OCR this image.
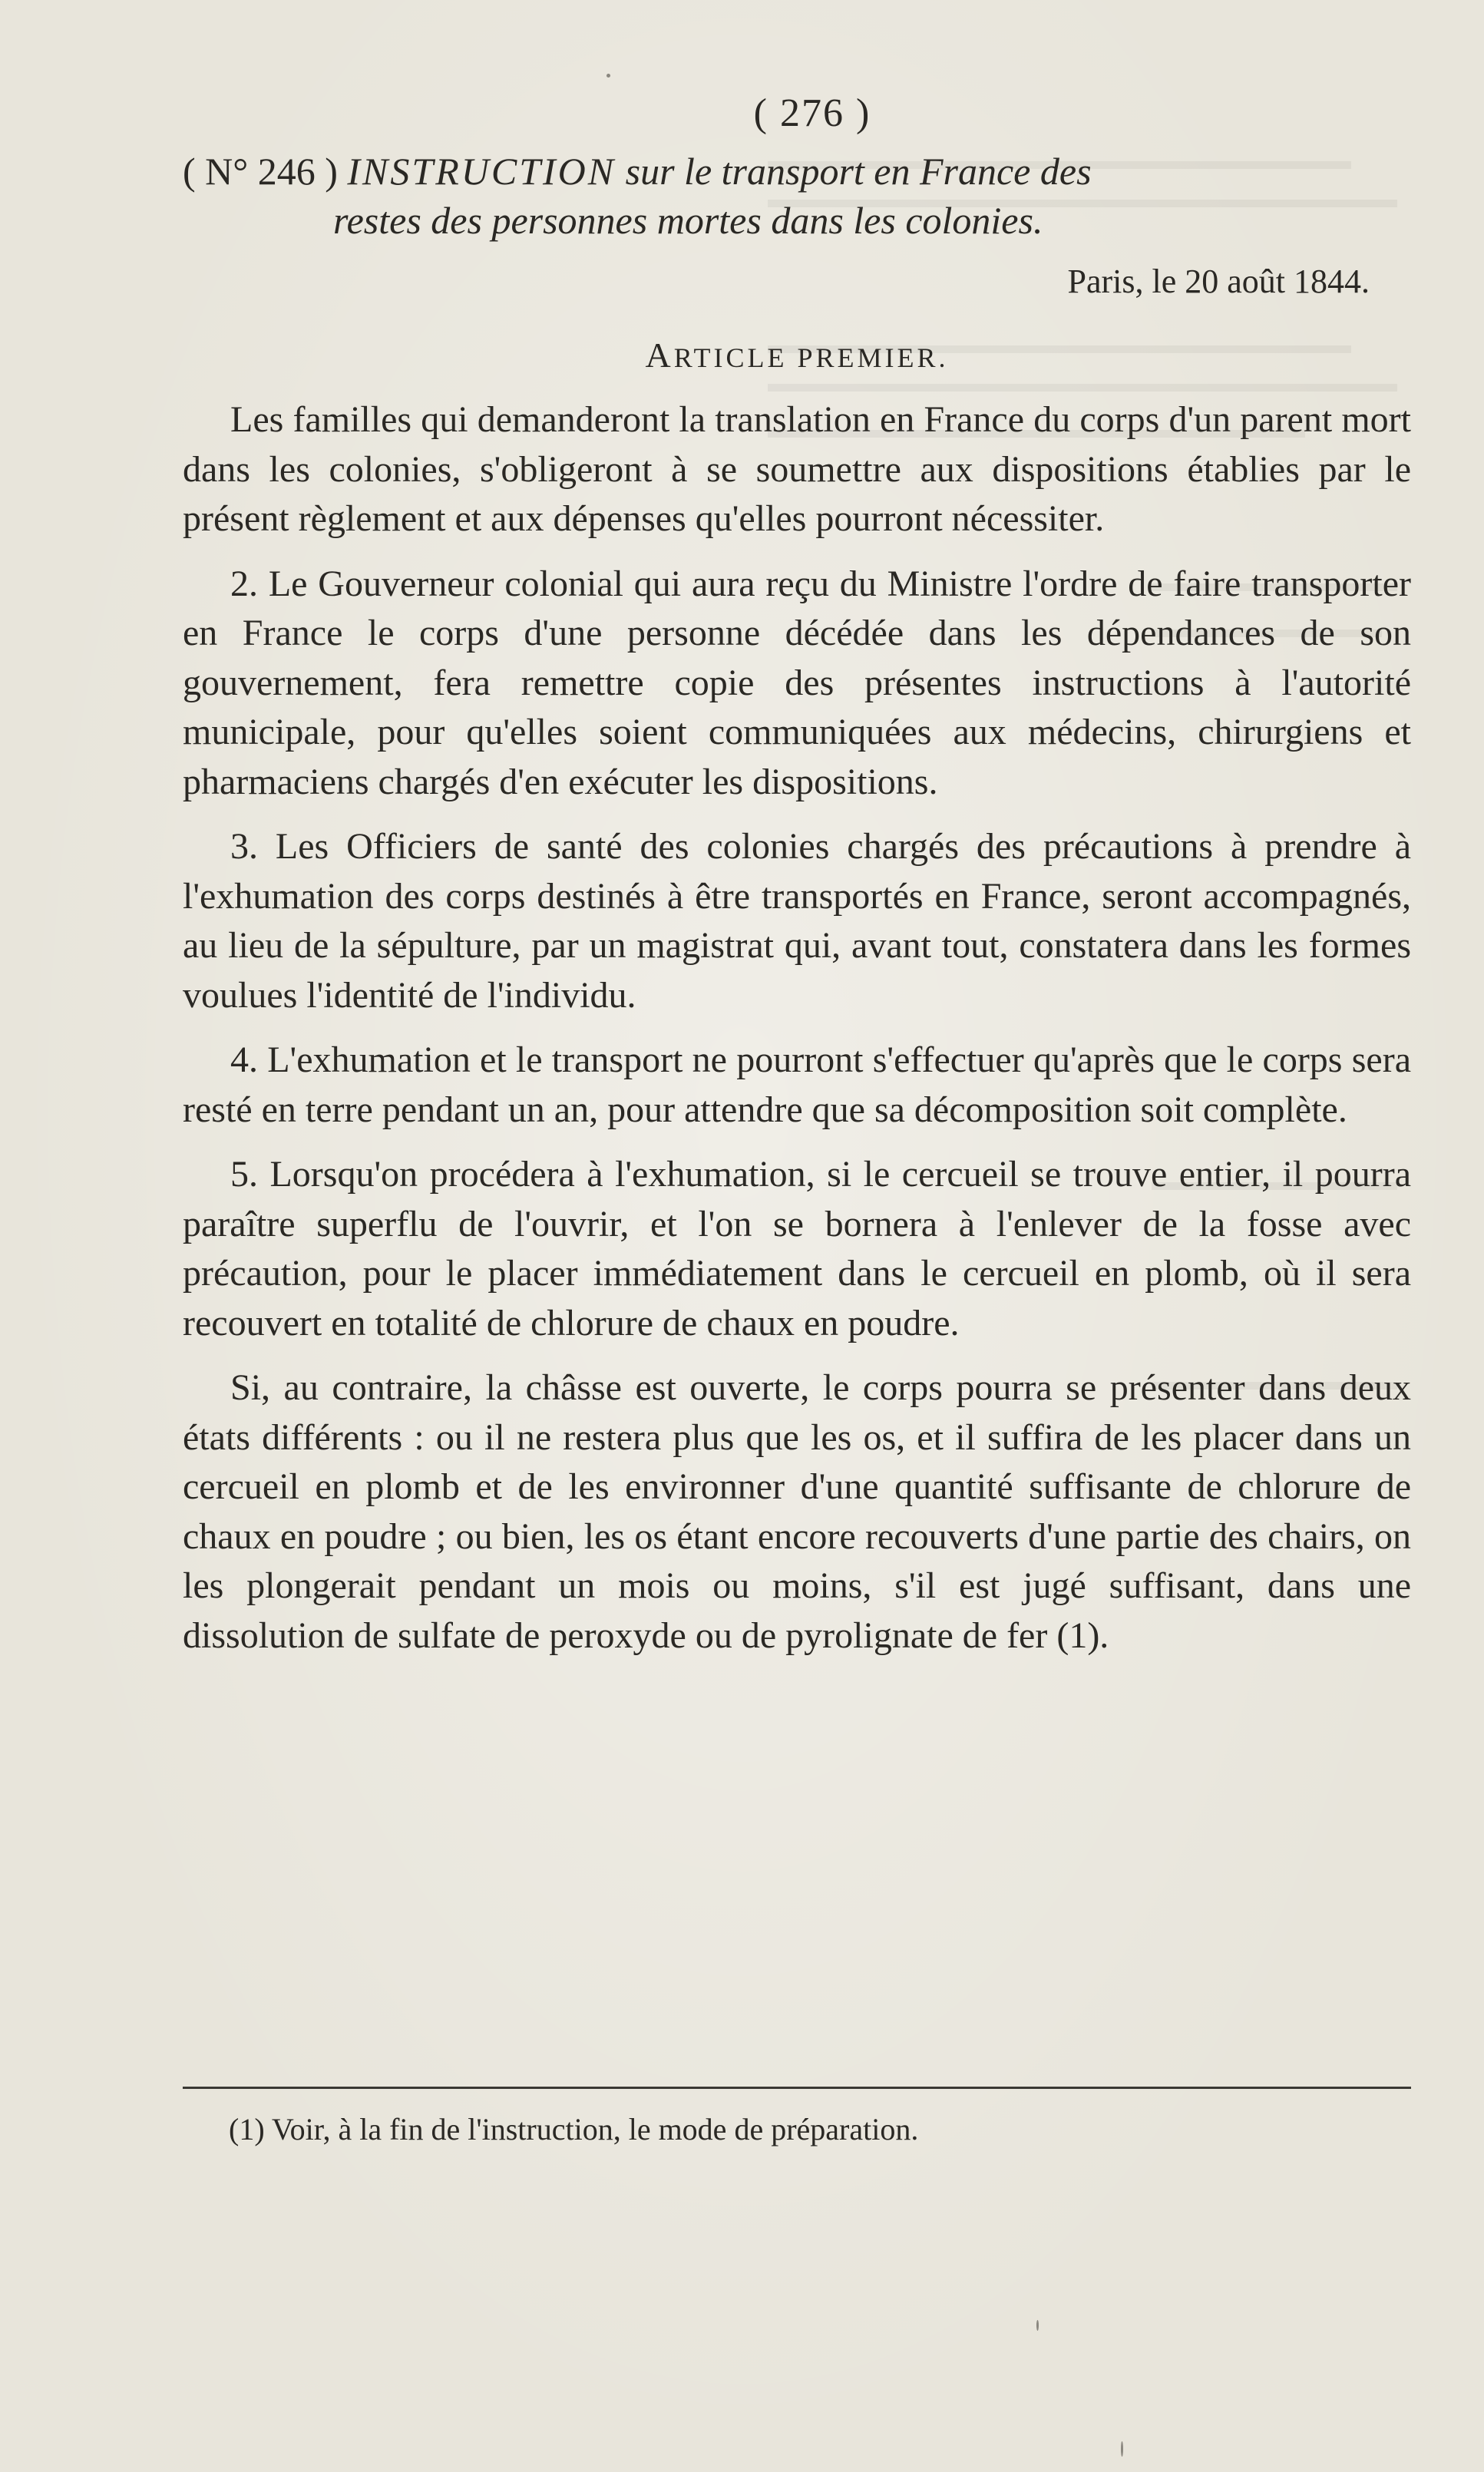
( 276 )
( N° 246 ) INSTRUCTION sur le transport en France des
restes des personnes mortes dans les colonies.
Paris, le 20 août 1844.
ARTICLE PREMIER.

Les familles qui demanderont la translation en France du corps d'un parent mort dans les colonies, s'obligeront à se soumettre aux dispositions établies par le présent règlement et aux dépenses qu'elles pourront nécessiter.

2. Le Gouverneur colonial qui aura reçu du Ministre l'ordre de faire transporter en France le corps d'une personne décédée dans les dépendances de son gouvernement, fera remettre copie des présentes instructions à l'autorité municipale, pour qu'elles soient communiquées aux médecins, chirurgiens et pharmaciens chargés d'en exécuter les dispositions.

3. Les Officiers de santé des colonies chargés des précautions à prendre à l'exhumation des corps destinés à être transportés en France, seront accompagnés, au lieu de la sépulture, par un magistrat qui, avant tout, constatera dans les formes voulues l'identité de l'individu.

4. L'exhumation et le transport ne pourront s'effectuer qu'après que le corps sera resté en terre pendant un an, pour attendre que sa décomposition soit complète.

5. Lorsqu'on procédera à l'exhumation, si le cercueil se trouve entier, il pourra paraître superflu de l'ouvrir, et l'on se bornera à l'enlever de la fosse avec précaution, pour le placer immédiatement dans le cercueil en plomb, où il sera recouvert en totalité de chlorure de chaux en poudre.

Si, au contraire, la châsse est ouverte, le corps pourra se présenter dans deux états différents : ou il ne restera plus que les os, et il suffira de les placer dans un cercueil en plomb et de les environner d'une quantité suffisante de chlorure de chaux en poudre ; ou bien, les os étant encore recouverts d'une partie des chairs, on les plongerait pendant un mois ou moins, s'il est jugé suffisant, dans une dissolution de sulfate de peroxyde ou de pyrolignate de fer (1).

(1) Voir, à la fin de l'instruction, le mode de préparation.
